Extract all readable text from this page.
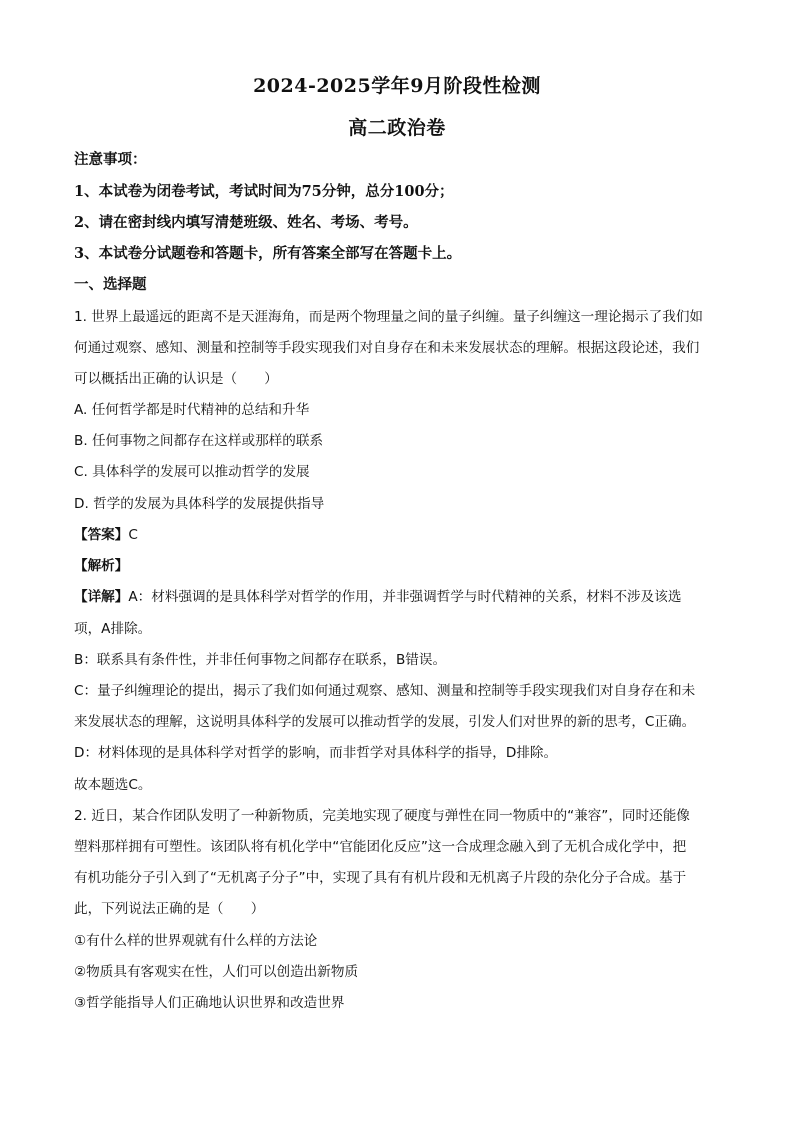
2024-2025学年9月阶段性检测
高二政治卷
注意事项：
1、本试卷为闭卷考试，考试时间为75分钟，总分100分；
2、请在密封线内填写清楚班级、姓名、考场、考号。
3、本试卷分试题卷和答题卡，所有答案全部写在答题卡上。
一、选择题
1. 世界上最遥远的距离不是天涯海角，而是两个物理量之间的量子纠缠。量子纠缠这一理论揭示了我们如
何通过观察、感知、测量和控制等手段实现我们对自身存在和未来发展状态的理解。根据这段论述，我们
可以概括出正确的认识是（　　）
A. 任何哲学都是时代精神的总结和升华
B. 任何事物之间都存在这样或那样的联系
C. 具体科学的发展可以推动哲学的发展
D. 哲学的发展为具体科学的发展提供指导
【答案】C
【解析】
【详解】A：材料强调的是具体科学对哲学的作用，并非强调哲学与时代精神的关系，材料不涉及该选
项，A排除。
B：联系具有条件性，并非任何事物之间都存在联系，B错误。
C：量子纠缠理论的提出，揭示了我们如何通过观察、感知、测量和控制等手段实现我们对自身存在和未
来发展状态的理解，这说明具体科学的发展可以推动哲学的发展，引发人们对世界的新的思考，C正确。
D：材料体现的是具体科学对哲学的影响，而非哲学对具体科学的指导，D排除。
故本题选C。
2. 近日，某合作团队发明了一种新物质，完美地实现了硬度与弹性在同一物质中的“兼容”，同时还能像
塑料那样拥有可塑性。该团队将有机化学中“官能团化反应”这一合成理念融入到了无机合成化学中，把
有机功能分子引入到了“无机离子分子”中，实现了具有有机片段和无机离子片段的杂化分子合成。基于
此，下列说法正确的是（　　）
①有什么样的世界观就有什么样的方法论
②物质具有客观实在性，人们可以创造出新物质
③哲学能指导人们正确地认识世界和改造世界
